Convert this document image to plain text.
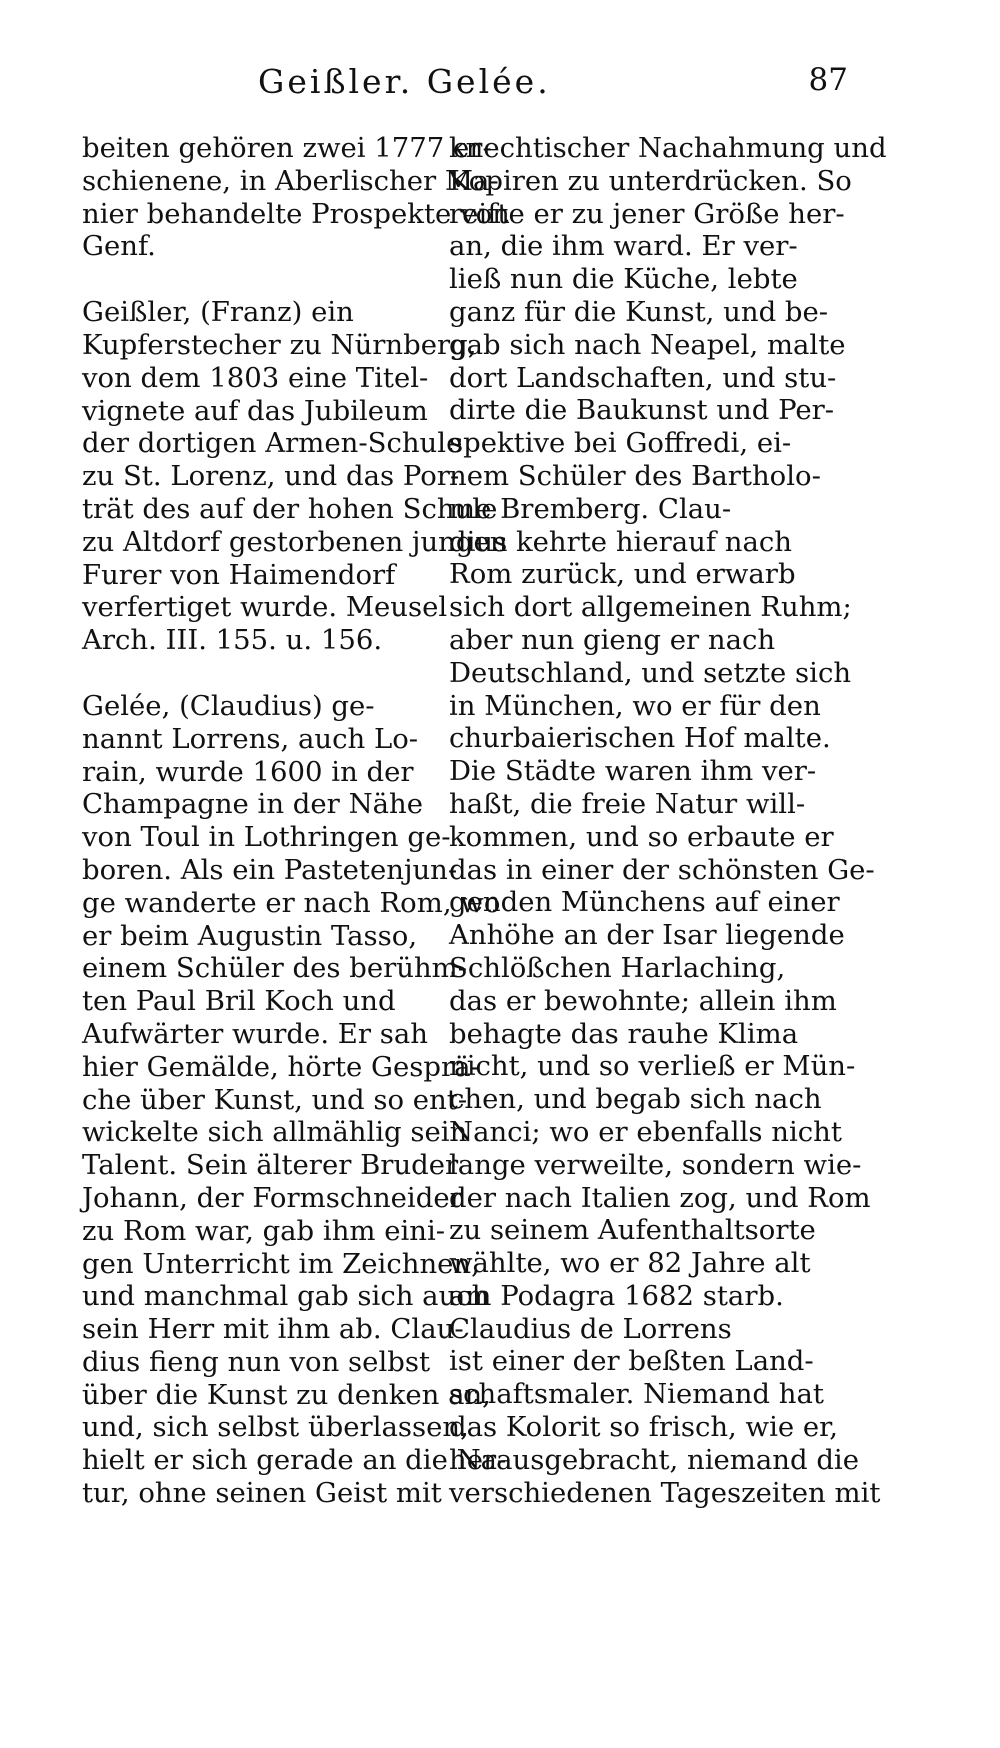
Geißler. Gelée.	87
beiten gehören zwei 1777 er-
schienene, in Aberlischer Ma-
nier behandelte Prospekte von
Genf.
Geißler, (Franz) ein
Kupferstecher zu Nürnberg,
von dem 1803 eine Titel-
vignete auf das Jubileum
der dortigen Armen-Schule
zu St. Lorenz, und das Por-
trät des auf der hohen Schule
zu Altdorf gestorbenen jungen
Furer von Haimendorf
verfertiget wurde. Meusel
Arch. III. 155. u. 156.
Gelée, (Claudius) ge-
nannt Lorrens, auch Lo-
rain, wurde 1600 in der
Champagne in der Nähe
von Toul in Lothringen ge-
boren. Als ein Pastetenjun-
ge wanderte er nach Rom, wo
er beim Augustin Tasso,
einem Schüler des berühm-
ten Paul Bril Koch und
Aufwärter wurde. Er sah
hier Gemälde, hörte Gesprä-
che über Kunst, und so ent-
wickelte sich allmählig sein
Talent. Sein älterer Bruder
Johann, der Formschneider
zu Rom war, gab ihm eini-
gen Unterricht im Zeichnen,
und manchmal gab sich auch
sein Herr mit ihm ab. Clau-
dius fieng nun von selbst
über die Kunst zu denken an,
und, sich selbst überlassen,
hielt er sich gerade an die Na-
tur, ohne seinen Geist mit
knechtischer Nachahmung und
Kopiren zu unterdrücken. So
reifte er zu jener Größe her-
an, die ihm ward. Er ver-
ließ nun die Küche, lebte
ganz für die Kunst, und be-
gab sich nach Neapel, malte
dort Landschaften, und stu-
dirte die Baukunst und Per-
spektive bei Goffredi, ei-
nem Schüler des Bartholo-
me Bremberg. Clau-
dius kehrte hierauf nach
Rom zurück, und erwarb
sich dort allgemeinen Ruhm;
aber nun gieng er nach
Deutschland, und setzte sich
in München, wo er für den
churbaierischen Hof malte.
Die Städte waren ihm ver-
haßt, die freie Natur will-
kommen, und so erbaute er
das in einer der schönsten Ge-
genden Münchens auf einer
Anhöhe an der Isar liegende
Schlößchen Harlaching,
das er bewohnte; allein ihm
behagte das rauhe Klima
nicht, und so verließ er Mün-
chen, und begab sich nach
Nanci; wo er ebenfalls nicht
lange verweilte, sondern wie-
der nach Italien zog, und Rom
zu seinem Aufenthaltsorte
wählte, wo er 82 Jahre alt
am Podagra 1682 starb.
Claudius de Lorrens
ist einer der beßten Land-
schaftsmaler. Niemand hat
das Kolorit so frisch, wie er,
herausgebracht, niemand die
verschiedenen Tageszeiten mit
